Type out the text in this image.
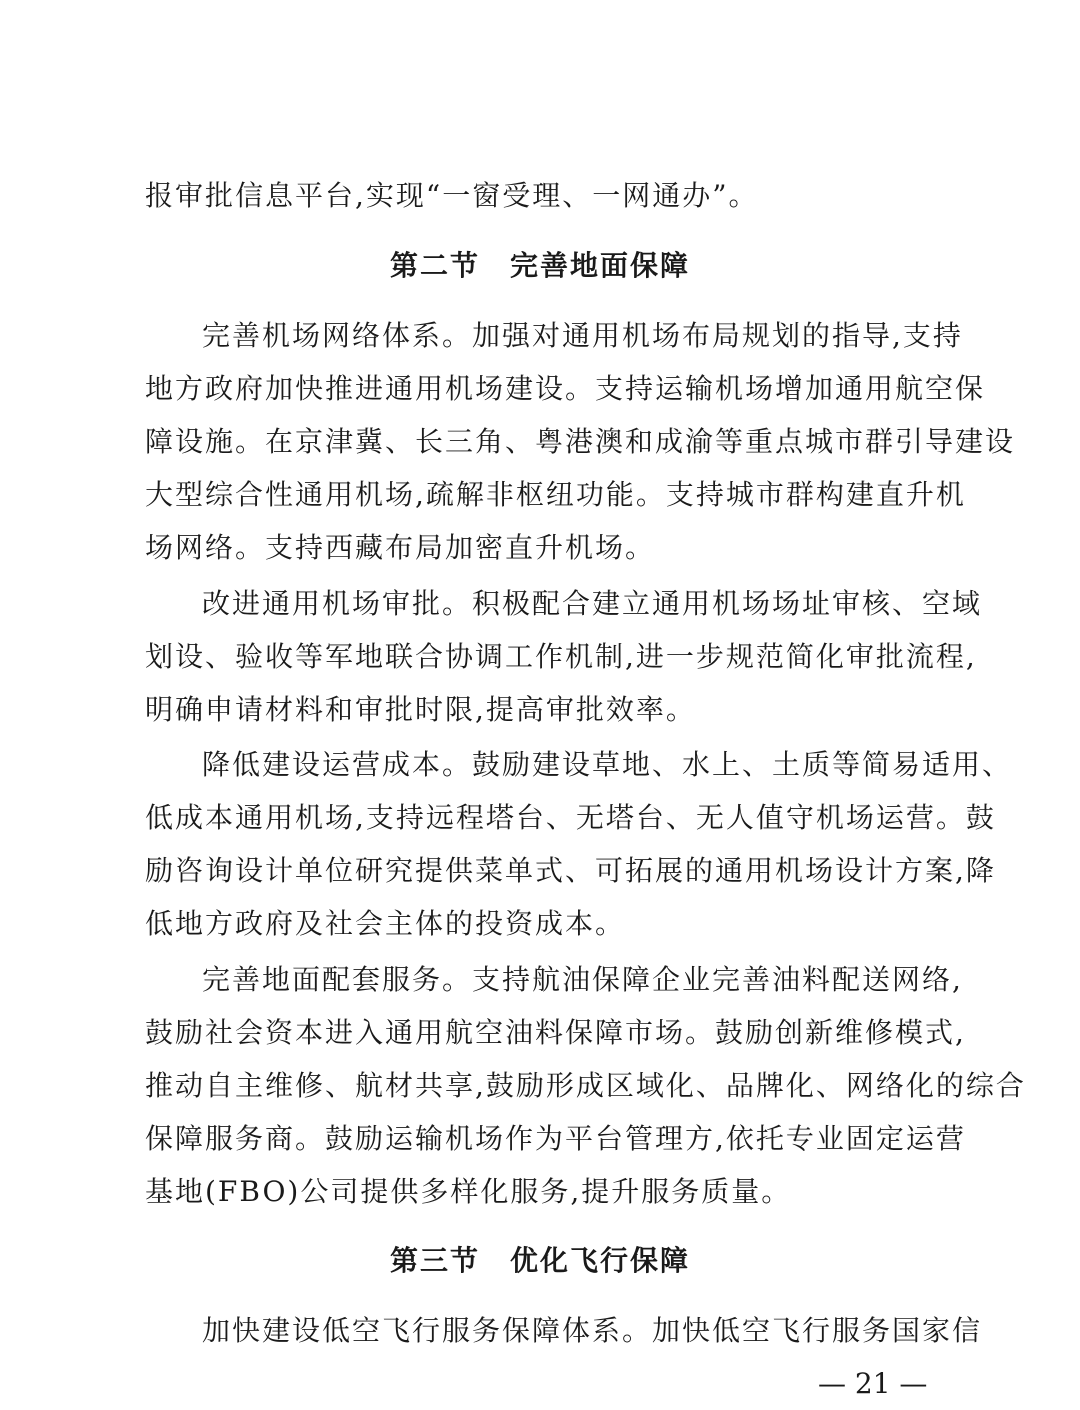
报审批信息平台,实现“一窗受理、一网通办”。
第二节　完善地面保障
完善机场网络体系。加强对通用机场布局规划的指导,支持
地方政府加快推进通用机场建设。支持运输机场增加通用航空保
障设施。在京津冀、长三角、粤港澳和成渝等重点城市群引导建设
大型综合性通用机场,疏解非枢纽功能。支持城市群构建直升机
场网络。支持西藏布局加密直升机场。
改进通用机场审批。积极配合建立通用机场场址审核、空域
划设、验收等军地联合协调工作机制,进一步规范简化审批流程,
明确申请材料和审批时限,提高审批效率。
降低建设运营成本。鼓励建设草地、水上、土质等简易适用、
低成本通用机场,支持远程塔台、无塔台、无人值守机场运营。鼓
励咨询设计单位研究提供菜单式、可拓展的通用机场设计方案,降
低地方政府及社会主体的投资成本。
完善地面配套服务。支持航油保障企业完善油料配送网络,
鼓励社会资本进入通用航空油料保障市场。鼓励创新维修模式,
推动自主维修、航材共享,鼓励形成区域化、品牌化、网络化的综合
保障服务商。鼓励运输机场作为平台管理方,依托专业固定运营
基地(FBO)公司提供多样化服务,提升服务质量。
第三节　优化飞行保障
加快建设低空飞行服务保障体系。加快低空飞行服务国家信
— 21 —
